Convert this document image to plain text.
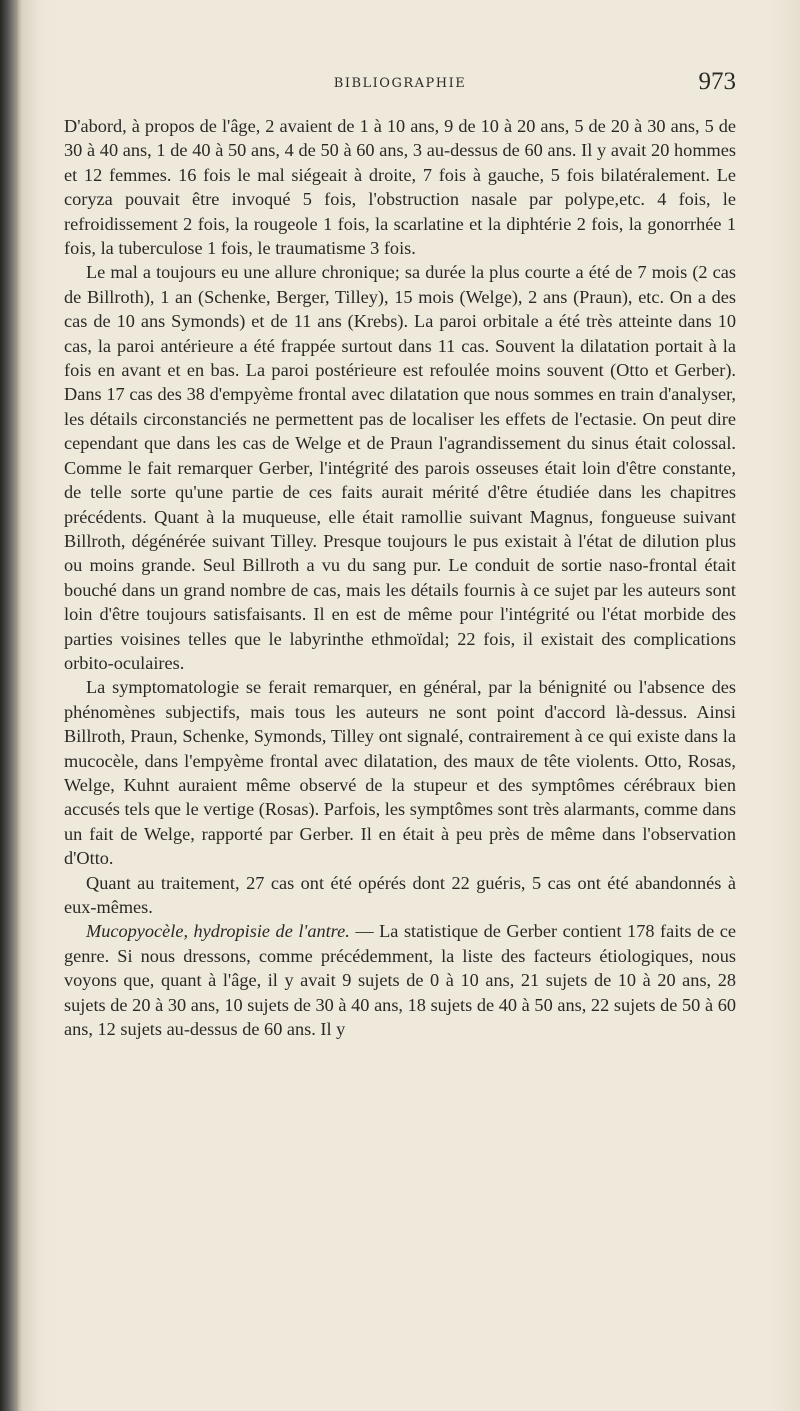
BIBLIOGRAPHIE	973

D'abord, à propos de l'âge, 2 avaient de 1 à 10 ans, 9 de 10 à 20 ans, 5 de 20 à 30 ans, 5 de 30 à 40 ans, 1 de 40 à 50 ans, 4 de 50 à 60 ans, 3 au-dessus de 60 ans. Il y avait 20 hommes et 12 femmes. 16 fois le mal siégeait à droite, 7 fois à gauche, 5 fois bilatéralement. Le coryza pouvait être invoqué 5 fois, l'obstruction nasale par polype,etc. 4 fois, le refroidissement 2 fois, la rougeole 1 fois, la scarlatine et la diphtérie 2 fois, la gonorrhée 1 fois, la tuberculose 1 fois, le traumatisme 3 fois.

Le mal a toujours eu une allure chronique; sa durée la plus courte a été de 7 mois (2 cas de Billroth), 1 an (Schenke, Berger, Tilley), 15 mois (Welge), 2 ans (Praun), etc. On a des cas de 10 ans Symonds) et de 11 ans (Krebs). La paroi orbitale a été très atteinte dans 10 cas, la paroi antérieure a été frappée surtout dans 11 cas. Souvent la dilatation portait à la fois en avant et en bas. La paroi postérieure est refoulée moins souvent (Otto et Gerber). Dans 17 cas des 38 d'empyème frontal avec dilatation que nous sommes en train d'analyser, les détails circonstanciés ne permettent pas de localiser les effets de l'ectasie. On peut dire cependant que dans les cas de Welge et de Praun l'agrandissement du sinus était colossal. Comme le fait remarquer Gerber, l'intégrité des parois osseuses était loin d'être constante, de telle sorte qu'une partie de ces faits aurait mérité d'être étudiée dans les chapitres précédents. Quant à la muqueuse, elle était ramollie suivant Magnus, fongueuse suivant Billroth, dégénérée suivant Tilley. Presque toujours le pus existait à l'état de dilution plus ou moins grande. Seul Billroth a vu du sang pur. Le conduit de sortie naso-frontal était bouché dans un grand nombre de cas, mais les détails fournis à ce sujet par les auteurs sont loin d'être toujours satisfaisants. Il en est de même pour l'intégrité ou l'état morbide des parties voisines telles que le labyrinthe ethmoïdal; 22 fois, il existait des complications orbito-oculaires.

La symptomatologie se ferait remarquer, en général, par la bénignité ou l'absence des phénomènes subjectifs, mais tous les auteurs ne sont point d'accord là-dessus. Ainsi Billroth, Praun, Schenke, Symonds, Tilley ont signalé, contrairement à ce qui existe dans la mucocèle, dans l'empyème frontal avec dilatation, des maux de tête violents. Otto, Rosas, Welge, Kuhnt auraient même observé de la stupeur et des symptômes cérébraux bien accusés tels que le vertige (Rosas). Parfois, les symptômes sont très alarmants, comme dans un fait de Welge, rapporté par Gerber. Il en était à peu près de même dans l'observation d'Otto.

Quant au traitement, 27 cas ont été opérés dont 22 guéris, 5 cas ont été abandonnés à eux-mêmes.

Mucopyocèle, hydropisie de l'antre. — La statistique de Gerber contient 178 faits de ce genre. Si nous dressons, comme précédemment, la liste des facteurs étiologiques, nous voyons que, quant à l'âge, il y avait 9 sujets de 0 à 10 ans, 21 sujets de 10 à 20 ans, 28 sujets de 20 à 30 ans, 10 sujets de 30 à 40 ans, 18 sujets de 40 à 50 ans, 22 sujets de 50 à 60 ans, 12 sujets au-dessus de 60 ans. Il y
